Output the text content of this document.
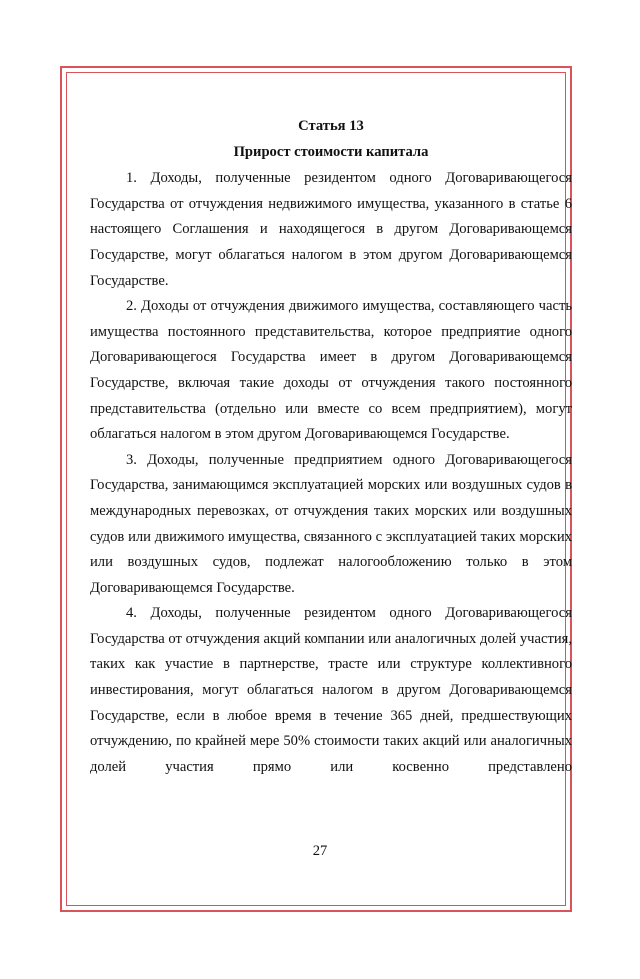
Статья 13
Прирост стоимости капитала

1. Доходы, полученные резидентом одного Договаривающегося Государства от отчуждения недвижимого имущества, указанного в статье 6 настоящего Соглашения и находящегося в другом Договаривающемся Государстве, могут облагаться налогом в этом другом Договаривающемся Государстве.

2. Доходы от отчуждения движимого имущества, составляющего часть имущества постоянного представительства, которое предприятие одного Договаривающегося Государства имеет в другом Договаривающемся Государстве, включая такие доходы от отчуждения такого постоянного представительства (отдельно или вместе со всем предприятием), могут облагаться налогом в этом другом Договаривающемся Государстве.

3. Доходы, полученные предприятием одного Договаривающегося Государства, занимающимся эксплуатацией морских или воздушных судов в международных перевозках, от отчуждения таких морских или воздушных судов или движимого имущества, связанного с эксплуатацией таких морских или воздушных судов, подлежат налогообложению только в этом Договаривающемся Государстве.

4. Доходы, полученные резидентом одного Договаривающегося Государства от отчуждения акций компании или аналогичных долей участия, таких как участие в партнерстве, трасте или структуре коллективного инвестирования, могут облагаться налогом в другом Договаривающемся Государстве, если в любое время в течение 365 дней, предшествующих отчуждению, по крайней мере 50% стоимости таких акций или аналогичных долей участия прямо или косвенно представлено

27
